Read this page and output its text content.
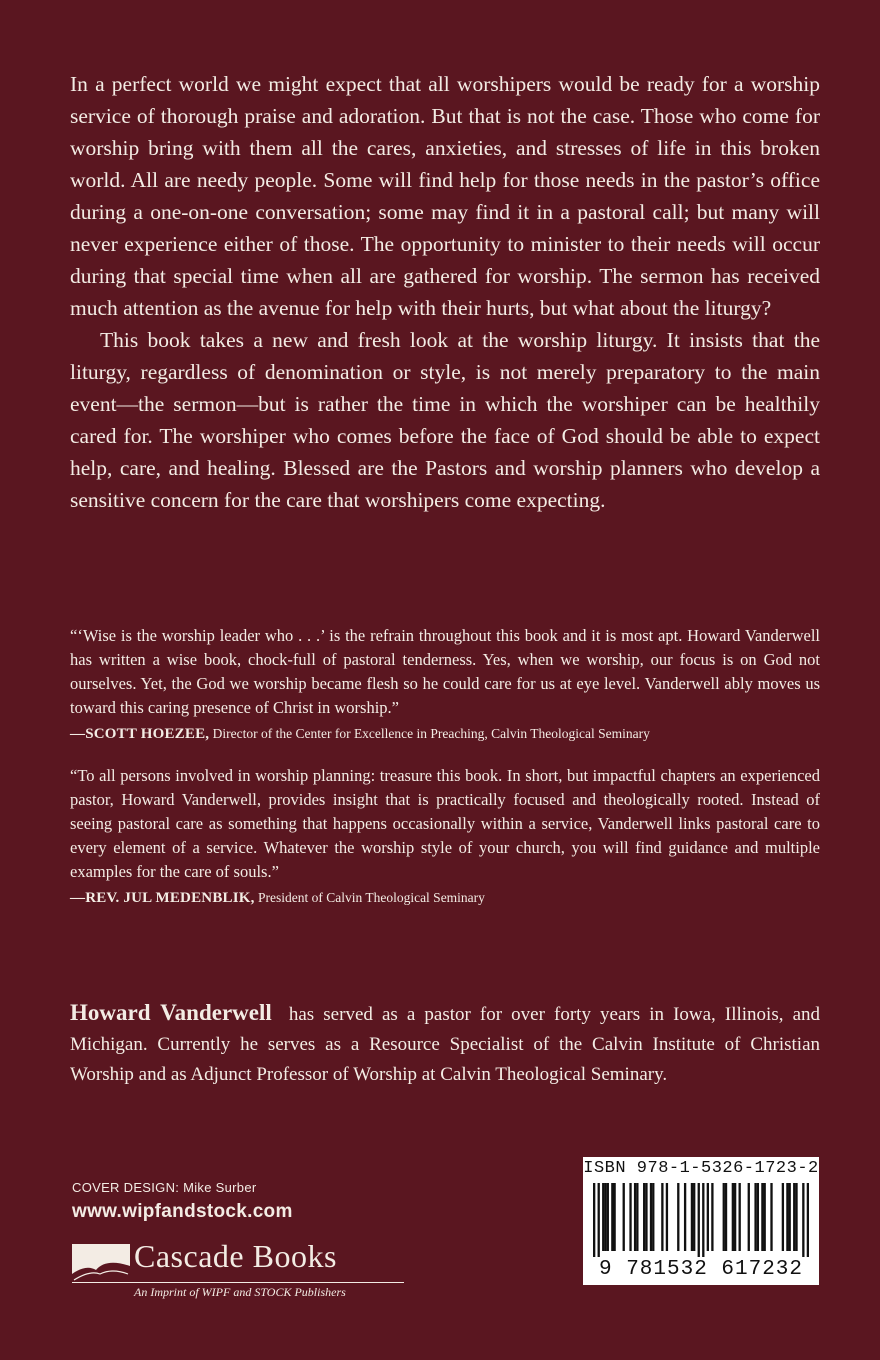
In a perfect world we might expect that all worshipers would be ready for a worship service of thorough praise and adoration. But that is not the case. Those who come for worship bring with them all the cares, anxieties, and stresses of life in this broken world. All are needy people. Some will find help for those needs in the pastor’s office during a one-on-one conversation; some may find it in a pastoral call; but many will never experience either of those. The opportunity to minister to their needs will occur during that special time when all are gathered for worship. The sermon has received much attention as the avenue for help with their hurts, but what about the liturgy?

This book takes a new and fresh look at the worship liturgy. It insists that the liturgy, regardless of denomination or style, is not merely preparatory to the main event—the sermon—but is rather the time in which the worshiper can be healthily cared for. The worshiper who comes before the face of God should be able to expect help, care, and healing. Blessed are the Pastors and worship planners who develop a sensitive concern for the care that worshipers come expecting.

“‘Wise is the worship leader who . . .’ is the refrain throughout this book and it is most apt. Howard Vanderwell has written a wise book, chock-full of pastoral tenderness. Yes, when we worship, our focus is on God not ourselves. Yet, the God we worship became flesh so he could care for us at eye level. Vanderwell ably moves us toward this caring presence of Christ in worship.”

—SCOTT HOEZEE, Director of the Center for Excellence in Preaching, Calvin Theological Seminary

“To all persons involved in worship planning: treasure this book. In short, but impactful chapters an experienced pastor, Howard Vanderwell, provides insight that is practically focused and theologically rooted. Instead of seeing pastoral care as something that happens occasionally within a service, Vanderwell links pastoral care to every element of a service. Whatever the worship style of your church, you will find guidance and multiple examples for the care of souls.”

—REV. JUL MEDENBLIK, President of Calvin Theological Seminary
Howard Vanderwell has served as a pastor for over forty years in Iowa, Illinois, and Michigan. Currently he serves as a Resource Specialist of the Calvin Institute of Christian Worship and as Adjunct Professor of Worship at Calvin Theological Seminary.
COVER DESIGN: Mike Surber
www.wipfandstock.com
Cascade Books
An Imprint of WIPF and STOCK Publishers
ISBN 978-1-5326-1723-2
9 781532 617232
